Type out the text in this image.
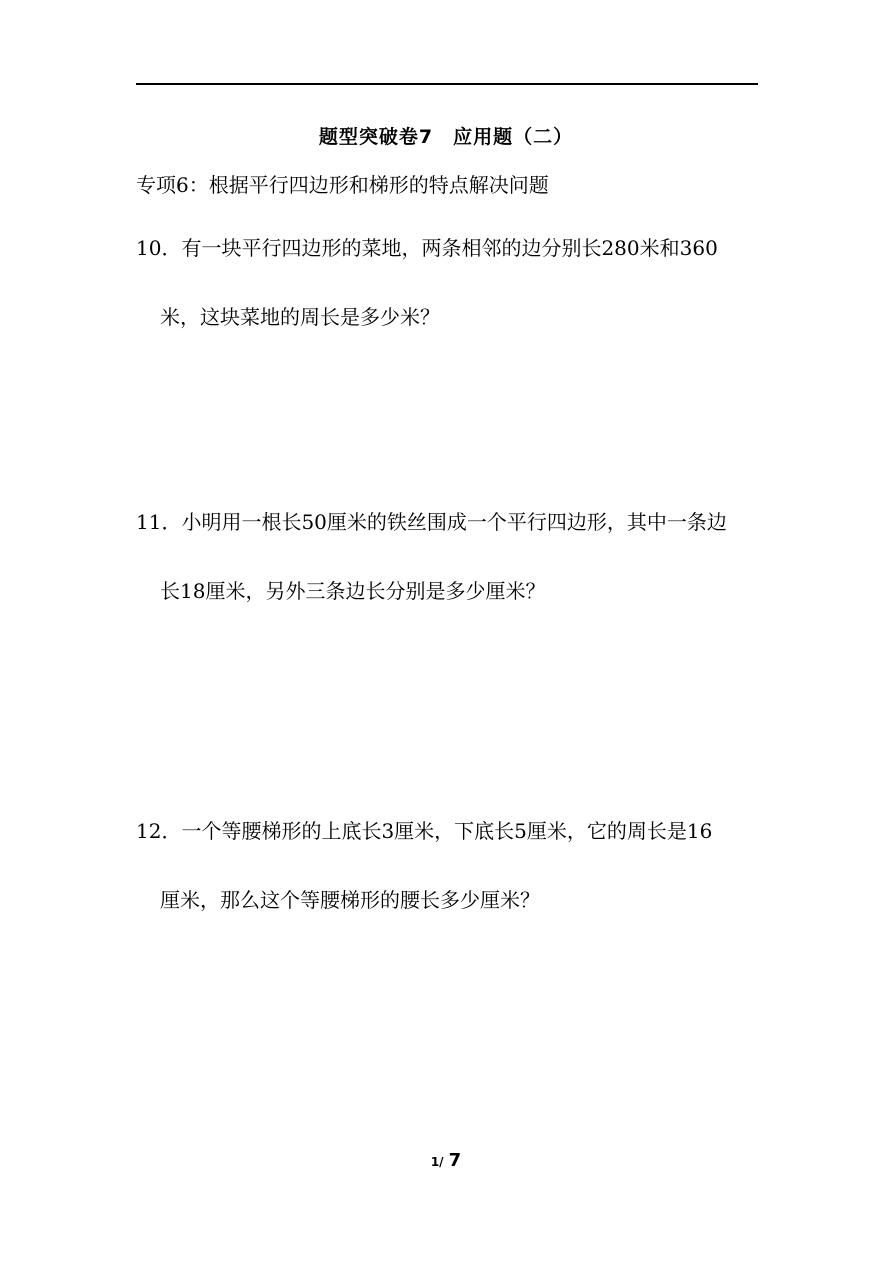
题型突破卷7　应用题（二）
专项6：根据平行四边形和梯形的特点解决问题
10．有一块平行四边形的菜地，两条相邻的边分别长280米和360
米，这块菜地的周长是多少米？
11．小明用一根长50厘米的铁丝围成一个平行四边形，其中一条边
长18厘米，另外三条边长分别是多少厘米？
12．一个等腰梯形的上底长3厘米，下底长5厘米，它的周长是16
厘米，那么这个等腰梯形的腰长多少厘米？
1/ 7
